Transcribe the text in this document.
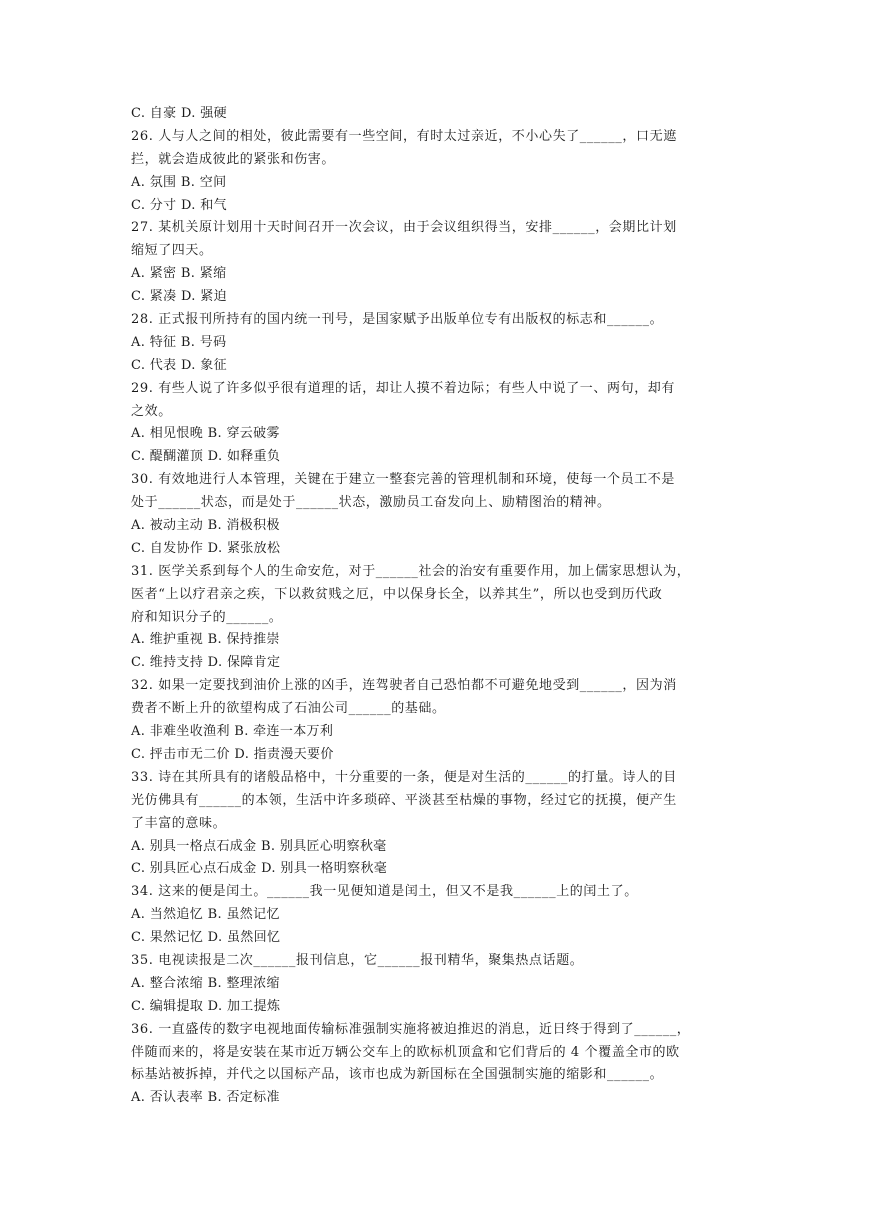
C. 自豪 D. 强硬
26. 人与人之间的相处，彼此需要有一些空间，有时太过亲近，不小心失了______，口无遮
拦，就会造成彼此的紧张和伤害。
A. 氛围 B. 空间
C. 分寸 D. 和气
27. 某机关原计划用十天时间召开一次会议，由于会议组织得当，安排______，会期比计划
缩短了四天。
A. 紧密 B. 紧缩
C. 紧凑 D. 紧迫
28. 正式报刊所持有的国内统一刊号，是国家赋予出版单位专有出版权的标志和______。
A. 特征 B. 号码
C. 代表 D. 象征
29. 有些人说了许多似乎很有道理的话，却让人摸不着边际；有些人中说了一、两句，却有
之效。
A. 相见恨晚 B. 穿云破雾
C. 醍醐灌顶 D. 如释重负
30. 有效地进行人本管理，关键在于建立一整套完善的管理机制和环境，使每一个员工不是
处于______状态，而是处于______状态，激励员工奋发向上、励精图治的精神。
A. 被动主动 B. 消极积极
C. 自发协作 D. 紧张放松
31. 医学关系到每个人的生命安危，对于______社会的治安有重要作用，加上儒家思想认为，
医者“上以疗君亲之疾，下以救贫贱之厄，中以保身长全，以养其生”，所以也受到历代政
府和知识分子的______。
A. 维护重视 B. 保持推崇
C. 维持支持 D. 保障肯定
32. 如果一定要找到油价上涨的凶手，连驾驶者自己恐怕都不可避免地受到______，因为消
费者不断上升的欲望构成了石油公司______的基础。
A. 非难坐收渔利 B. 牵连一本万利
C. 抨击市无二价 D. 指责漫天要价
33. 诗在其所具有的诸般品格中，十分重要的一条，便是对生活的______的打量。诗人的目
光仿佛具有______的本领，生活中许多琐碎、平淡甚至枯燥的事物，经过它的抚摸，便产生
了丰富的意味。
A. 别具一格点石成金 B. 别具匠心明察秋毫
C. 别具匠心点石成金 D. 别具一格明察秋毫
34. 这来的便是闰土。______我一见便知道是闰土，但又不是我______上的闰土了。
A. 当然追忆 B. 虽然记忆
C. 果然记忆 D. 虽然回忆
35. 电视读报是二次______报刊信息，它______报刊精华，聚集热点话题。
A. 整合浓缩 B. 整理浓缩
C. 编辑提取 D. 加工提炼
36. 一直盛传的数字电视地面传输标准强制实施将被迫推迟的消息，近日终于得到了______，
伴随而来的，将是安装在某市近万辆公交车上的欧标机顶盒和它们背后的 4 个覆盖全市的欧
标基站被拆掉，并代之以国标产品，该市也成为新国标在全国强制实施的缩影和______。
A. 否认表率 B. 否定标准
